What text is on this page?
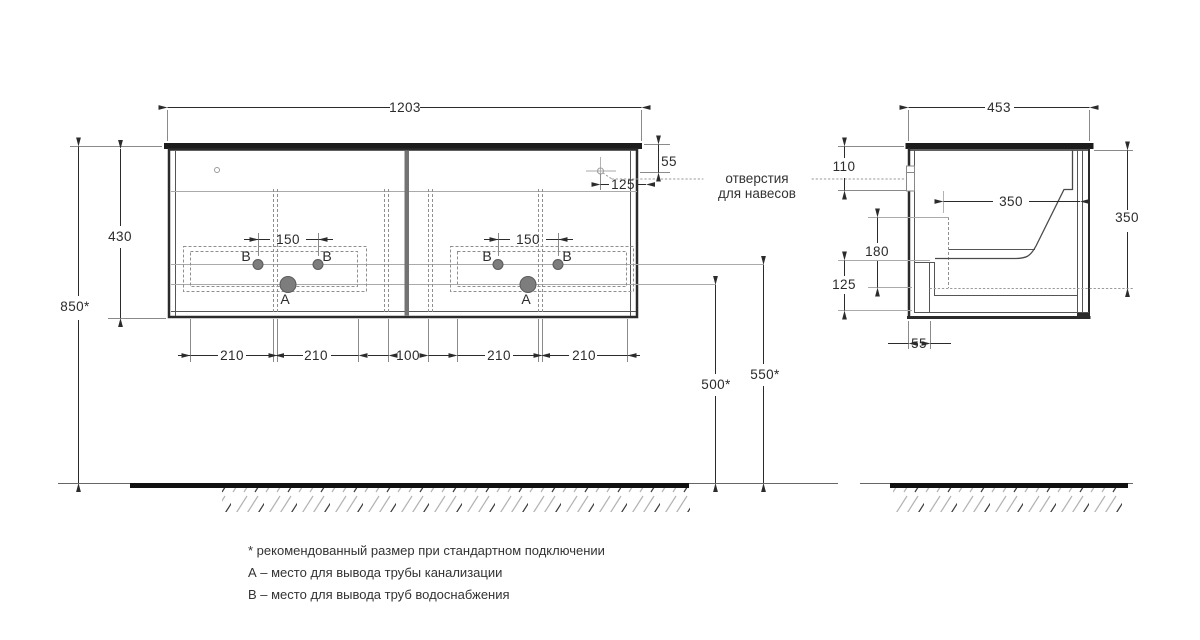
B	B	B	B
A	A
отверстия
для навесов
1203
430
850*
55
125
150	150
210	210	100	210	210
550*
500*
453
110
350
350
180
125
55
* рекомендованный размер при стандартном подключении
А – место для вывода трубы канализации
В – место для вывода труб водоснабжения
